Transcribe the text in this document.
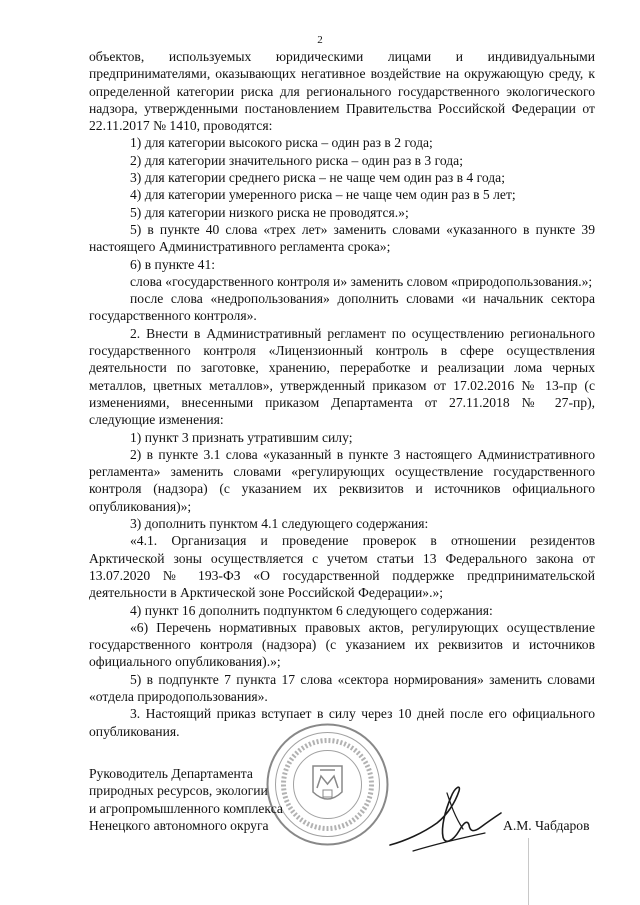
2

объектов, используемых юридическими лицами и индивидуальными предпринимателями, оказывающих негативное воздействие на окружающую среду, к определенной категории риска для регионального государственного экологического надзора, утвержденными постановлением Правительства Российской Федерации от 22.11.2017 № 1410, проводятся:

1) для категории высокого риска – один раз в 2 года;

2) для категории значительного риска – один раз в 3 года;

3) для категории среднего риска – не чаще чем один раз в 4 года;

4) для категории умеренного риска – не чаще чем один раз в 5 лет;

5) для категории низкого риска не проводятся.»;

5) в пункте 40 слова «трех лет» заменить словами «указанного в пункте 39 настоящего Административного регламента срока»;

6) в пункте 41:

слова «государственного контроля и» заменить словом «природопользования.»;

после слова «недропользования» дополнить словами «и начальник сектора государственного контроля».

2. Внести в Административный регламент по осуществлению регионального государственного контроля «Лицензионный контроль в сфере осуществления деятельности по заготовке, хранению, переработке и реализации лома черных металлов, цветных металлов», утвержденный приказом от 17.02.2016 № 13-пр (с изменениями, внесенными приказом Департамента от 27.11.2018 № 27-пр), следующие изменения:

1) пункт 3 признать утратившим силу;

2) в пункте 3.1 слова «указанный в пункте 3 настоящего Административного регламента» заменить словами «регулирующих осуществление государственного контроля (надзора) (с указанием их реквизитов и источников официального опубликования)»;

3) дополнить пунктом 4.1 следующего содержания:

«4.1. Организация и проведение проверок в отношении резидентов Арктической зоны осуществляется с учетом статьи 13 Федерального закона от 13.07.2020 № 193-ФЗ «О государственной поддержке предпринимательской деятельности в Арктической зоне Российской Федерации».»;

4) пункт 16 дополнить подпунктом 6 следующего содержания:

«6) Перечень нормативных правовых актов, регулирующих осуществление государственного контроля (надзора) (с указанием их реквизитов и источников официального опубликования).»;

5) в подпункте 7 пункта 17 слова «сектора нормирования» заменить словами «отдела природопользования».

3. Настоящий приказ вступает в силу через 10 дней после его официального опубликования.

Руководитель Департамента

природных ресурсов, экологии

и агропромышленного комплекса

Ненецкого автономного округа	А.М. Чабдаров
